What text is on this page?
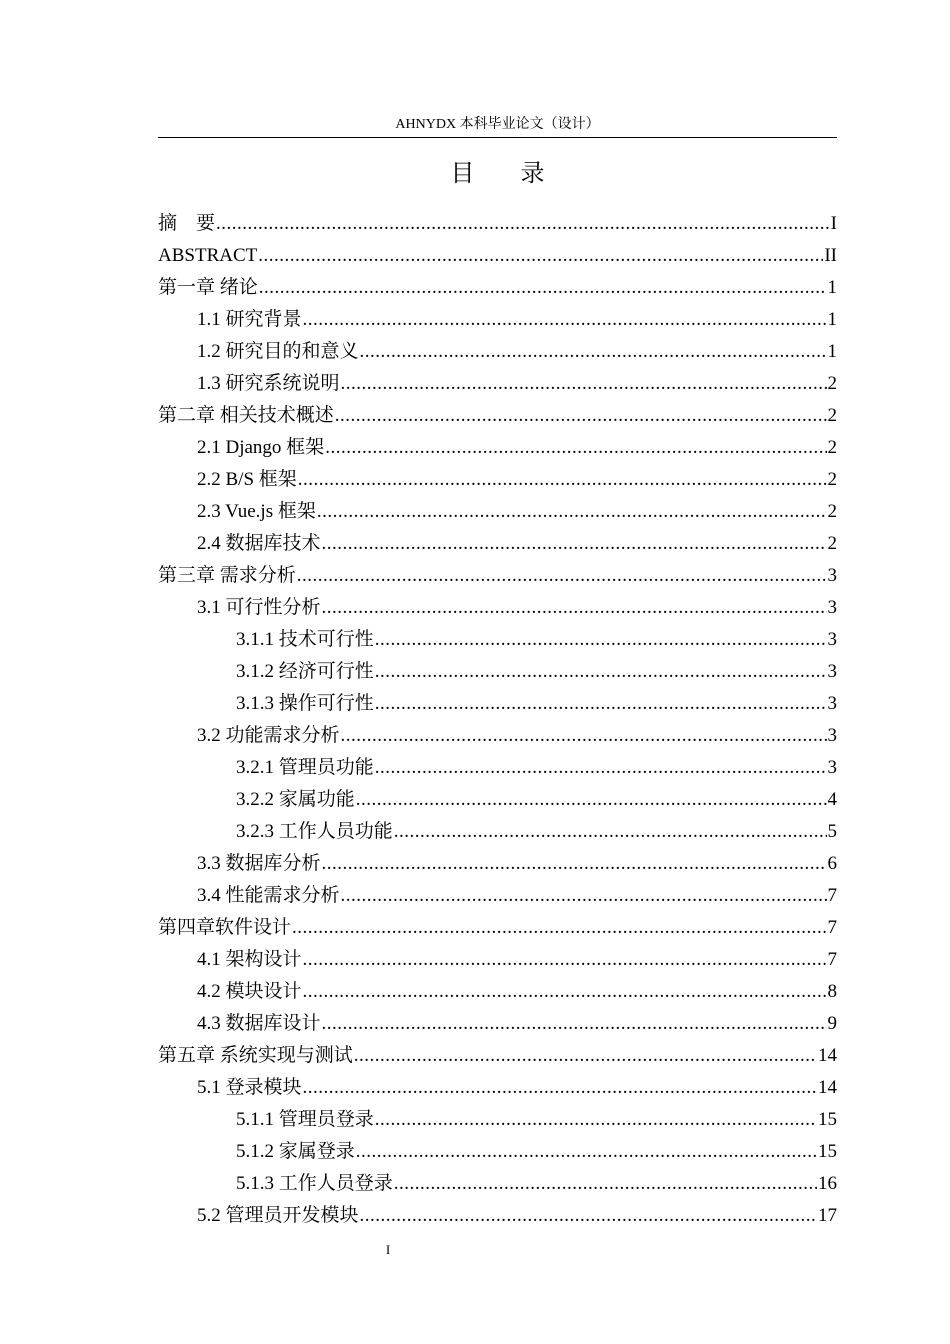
AHNYDX 本科毕业论文（设计）
目 录
摘　要 .....	I
ABSTRACT .....	II
第一章 绪论 .....	1
1.1 研究背景 .....	1
1.2 研究目的和意义 .....	1
1.3 研究系统说明 .....	2
第二章 相关技术概述 .....	2
2.1 Django 框架 .....	2
2.2 B/S 框架 .....	2
2.3 Vue.js 框架 .....	2
2.4 数据库技术 .....	2
第三章 需求分析 .....	3
3.1 可行性分析 .....	3
3.1.1 技术可行性 .....	3
3.1.2 经济可行性 .....	3
3.1.3 操作可行性 .....	3
3.2 功能需求分析 .....	3
3.2.1 管理员功能 .....	3
3.2.2 家属功能 .....	4
3.2.3 工作人员功能 .....	5
3.3 数据库分析 .....	6
3.4 性能需求分析 .....	7
第四章软件设计 .....	7
4.1 架构设计 .....	7
4.2 模块设计 .....	8
4.3 数据库设计 .....	9
第五章 系统实现与测试 .....	14
5.1 登录模块 .....	14
5.1.1 管理员登录 .....	15
5.1.2 家属登录 .....	15
5.1.3 工作人员登录 .....	16
5.2 管理员开发模块 .....	17
I
